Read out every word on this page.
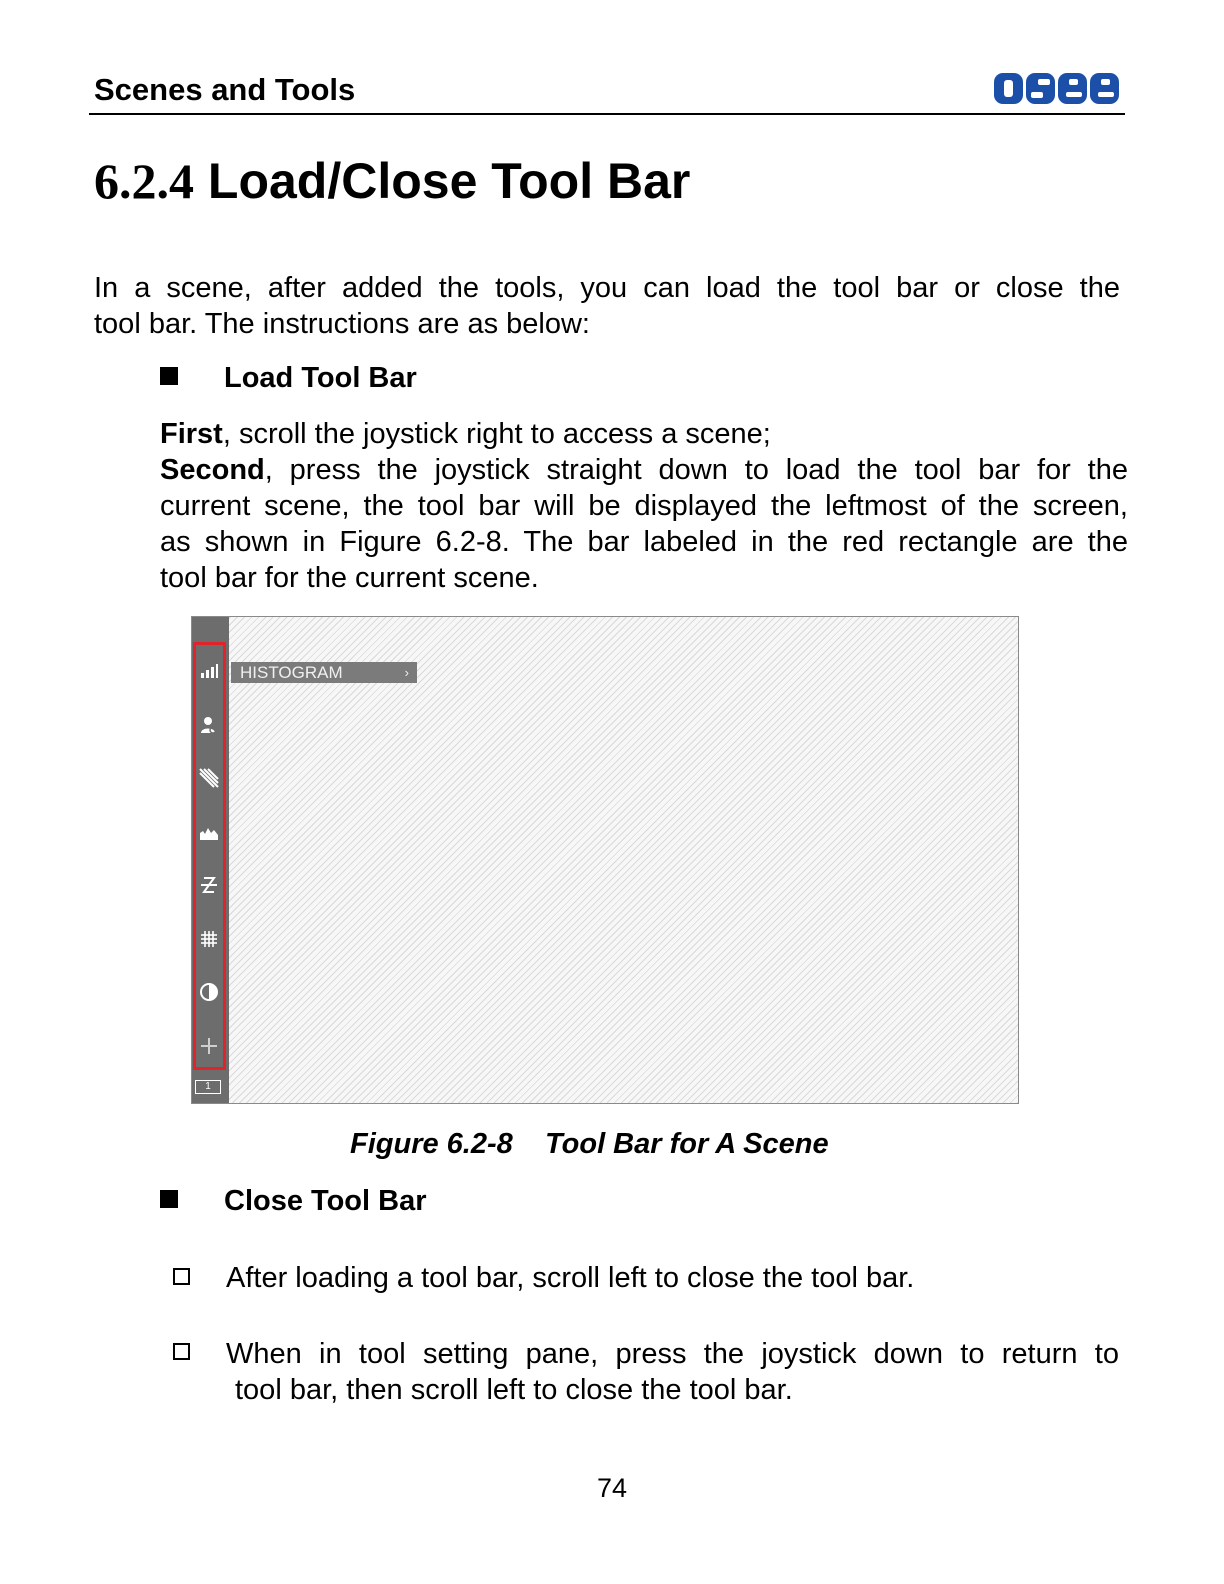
Scenes and Tools
6.2.4 Load/Close Tool Bar
In a scene, after added the tools, you can load the tool bar or close the
tool bar. The instructions are as below:
Load Tool Bar
First, scroll the joystick right to access a scene;
Second, press the joystick straight down to load the tool bar for the
current scene, the tool bar will be displayed the leftmost of the screen,
as shown in Figure 6.2-8. The bar labeled in the red rectangle are the
tool bar for the current scene.
1
HISTOGRAM	›
Figure 6.2-8    Tool Bar for A Scene
Close Tool Bar
After loading a tool bar, scroll left to close the tool bar.
When in tool setting pane, press the joystick down to return to
tool bar, then scroll left to close the tool bar.
74
